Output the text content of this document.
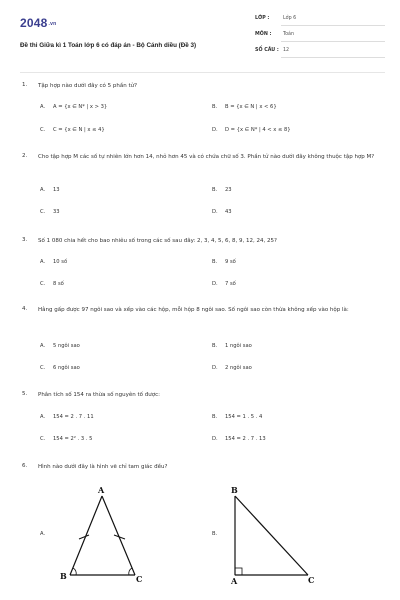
2048.vn
Đề thi Giữa kì 1 Toán lớp 6 có đáp án - Bộ Cánh diều (Đề 3)
LỚP :	Lớp 6
MÔN : Toán
SỐ CÂU : 12
1. Tập hợp nào dưới đây có 5 phần tử?
A. A = {x ∈ N* | x > 3}	B. B = {x ∈ N | x < 6}
C. C = {x ∈ N | x ≤ 4}	D. D = {x ∈ N* | 4 < x ≤ 8}
2. Cho tập hợp M các số tự nhiên lớn hơn 14, nhỏ hơn 45 và có chứa chữ số 3. Phần tử nào dưới đây không thuộc tập hợp M?
A. 13	B. 23
C. 33	D. 43
3. Số 1 080 chia hết cho bao nhiêu số trong các số sau đây: 2, 3, 4, 5, 6, 8, 9, 12, 24, 25?
A. 10 số	B. 9 số
C. 8 số	D. 7 số
4. Hằng gấp được 97 ngôi sao và xếp vào các hộp, mỗi hộp 8 ngôi sao. Số ngôi sao còn thừa không xếp vào hộp là:
A. 5 ngôi sao	B. 1 ngôi sao
C. 6 ngôi sao	D. 2 ngôi sao
5. Phân tích số 154 ra thừa số nguyên tố được:
A. 154 = 2 . 7 . 11	B. 154 = 1 . 5 . 4
C. 154 = 2² . 3 . 5	D. 154 = 2 . 7 . 13
6. Hình nào dưới đây là hình vẽ chỉ tam giác đều?
A.	B.
A
B	C
B
A	C
